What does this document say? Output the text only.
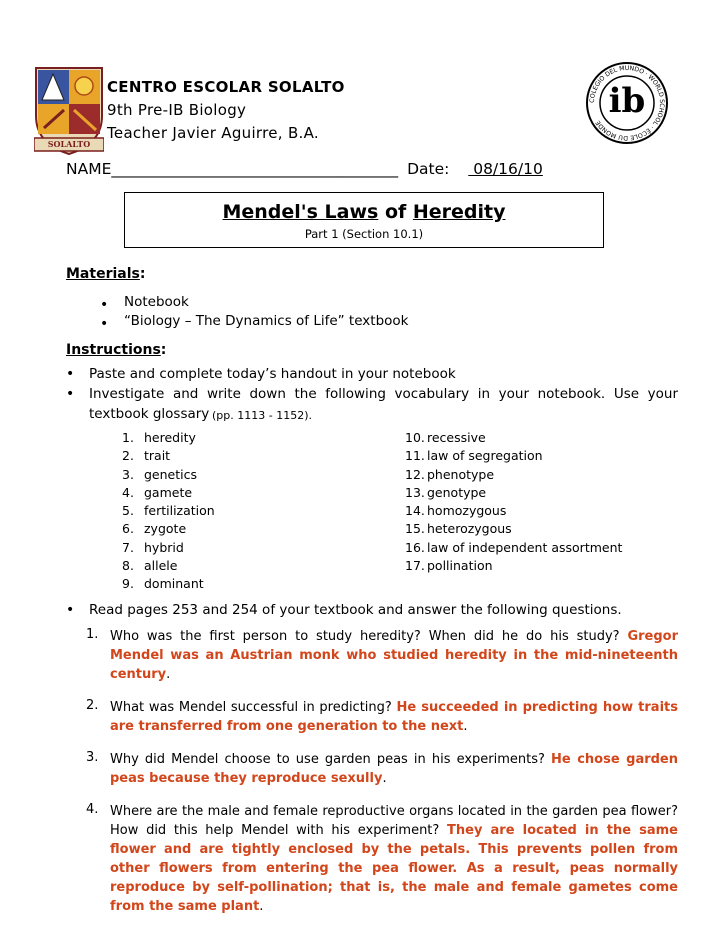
SOLALTO
CENTRO ESCOLAR SOLALTO
9th Pre-IB Biology
Teacher Javier Aguirre, B.A.
COLEGIO DEL MUNDO · WORLD SCHOOL · ÉCOLE DU MONDE
ib
NAME_____________________________________ Date:  08/16/10
Mendel's Laws of Heredity
Part 1 (Section 10.1)
Materials:
• Notebook
• “Biology – The Dynamics of Life” textbook
Instructions:
• Paste and complete today’s handout in your notebook
• Investigate and write down the following vocabulary in your notebook. Use your
textbook glossary (pp. 1113 - 1152).
1. heredity
2. trait
3. genetics
4. gamete
5. fertilization
6. zygote
7. hybrid
8. allele
9. dominant
10. recessive
11. law of segregation
12. phenotype
13. genotype
14. homozygous
15. heterozygous
16. law of independent assortment
17. pollination
• Read pages 253 and 254 of your textbook and answer the following questions.
1. Who was the first person to study heredity? When did he do his study? Gregor Mendel was an Austrian monk who studied heredity in the mid-nineteenth century.
2. What was Mendel successful in predicting? He succeeded in predicting how traits are transferred from one generation to the next.
3. Why did Mendel choose to use garden peas in his experiments? He chose garden peas because they reproduce sexully.
4. Where are the male and female reproductive organs located in the garden pea flower? How did this help Mendel with his experiment? They are located in the same flower and are tightly enclosed by the petals. This prevents pollen from other flowers from entering the pea flower. As a result, peas normally reproduce by self-pollination; that is, the male and female gametes come from the same plant.
